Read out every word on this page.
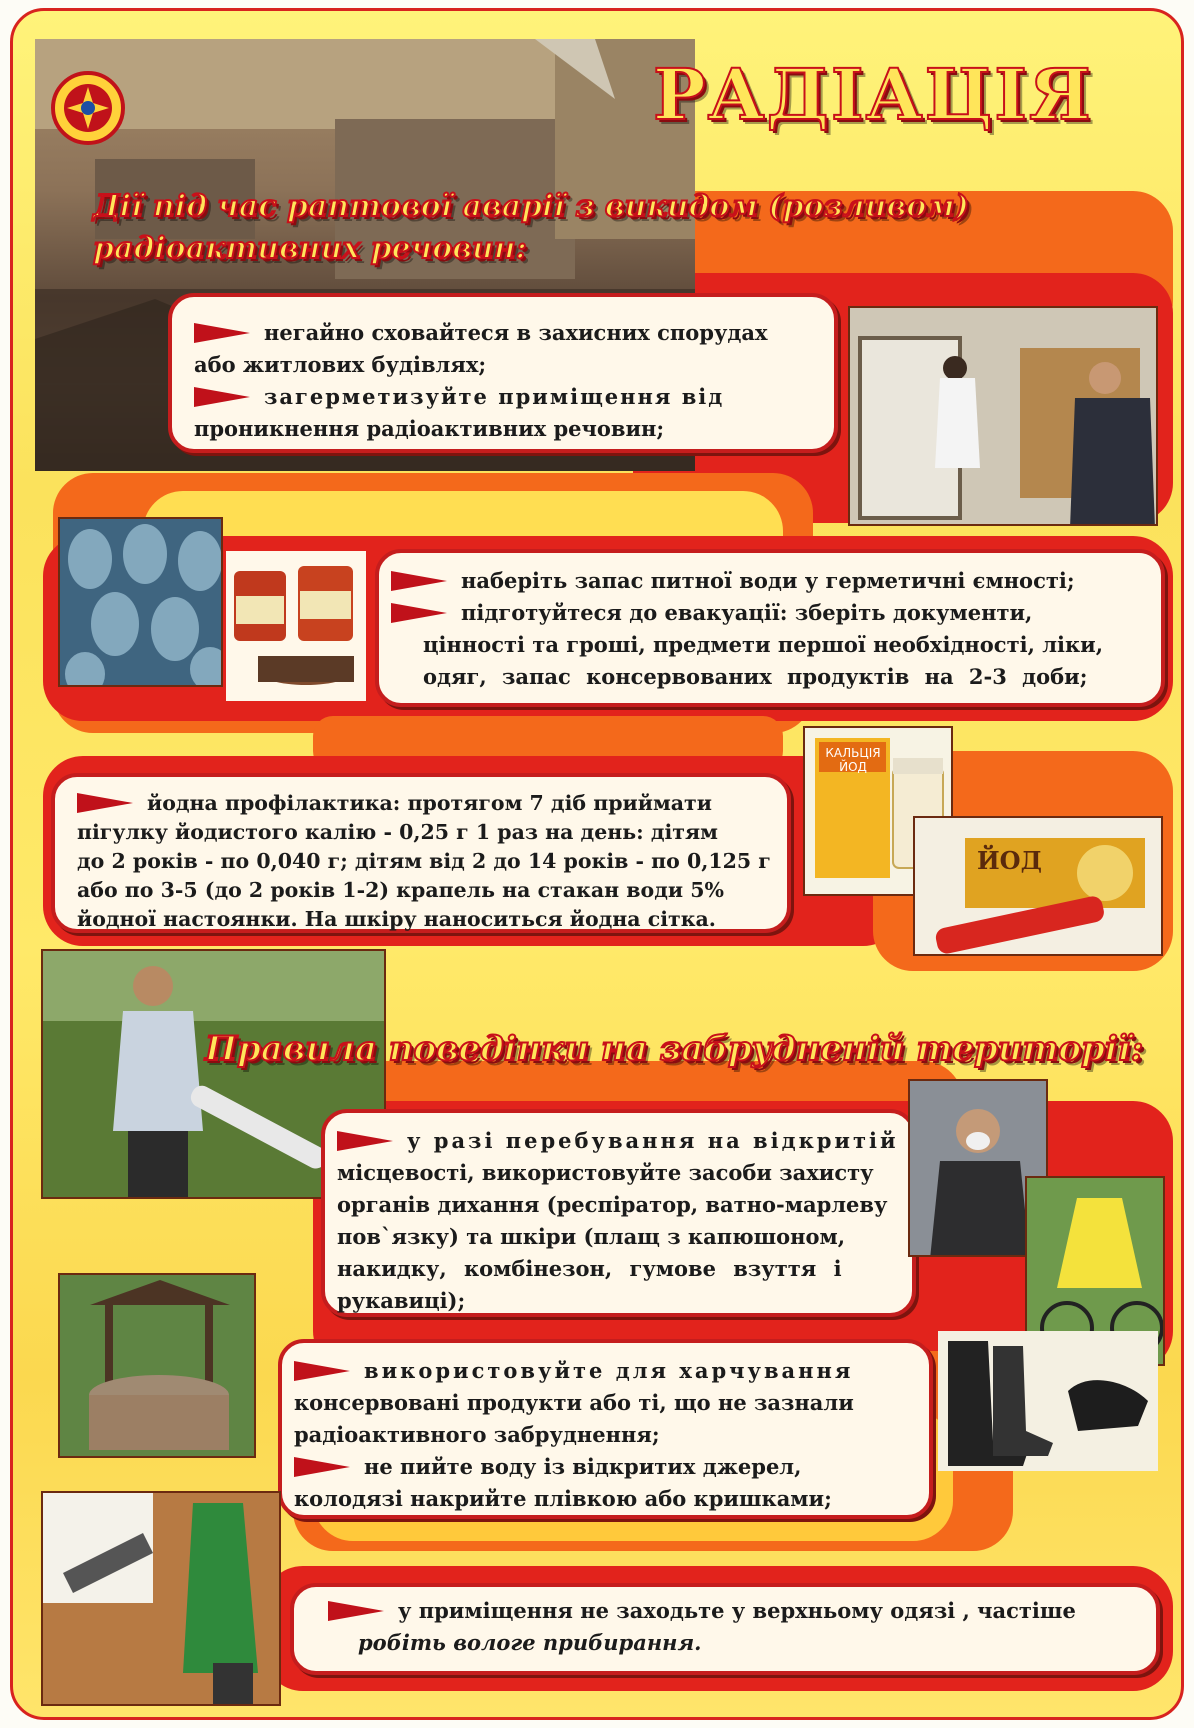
РАДІАЦІЯ
Дії під час раптової аварії з викидом (розливом)
радіоактивних речовин:
негайно сховайтеся в захисних спорудах
або житлових будівлях;
загерметизуйте приміщення від
проникнення радіоактивних речовин;
наберіть запас питної води у герметичні ємності;
підготуйтеся до евакуації: зберіть документи,
цінності та гроші, предмети першої необхідності, ліки,
одяг, запас консервованих продуктів на 2-3 доби;
йодна профілактика: протягом 7 діб приймати
пігулку йодистого калію - 0,25 г 1 раз на день: дітям
до 2 років - по 0,040 г; дітям від 2 до 14 років - по 0,125 г
або по 3-5 (до 2 років 1-2) крапель на стакан води 5%
йодної настоянки. На шкіру наноситься йодна сітка.
КАЛЬЦІЯ ЙОД
ЙОД
Правила поведінки на забрудненій території:
у разі перебування на відкритій
місцевості, використовуйте засоби захисту
органів дихання (респіратор, ватно-марлеву
пов`язку) та шкіри (плащ з капюшоном,
накидку, комбінезон, гумове взуття і
рукавиці);
використовуйте для харчування
консервовані продукти або ті, що не зазнали
радіоактивного забруднення;
не пийте воду із відкритих джерел,
колодязі накрийте плівкою або кришками;
у приміщення не заходьте у верхньому одязі , частіше
робіть вологе прибирання.
